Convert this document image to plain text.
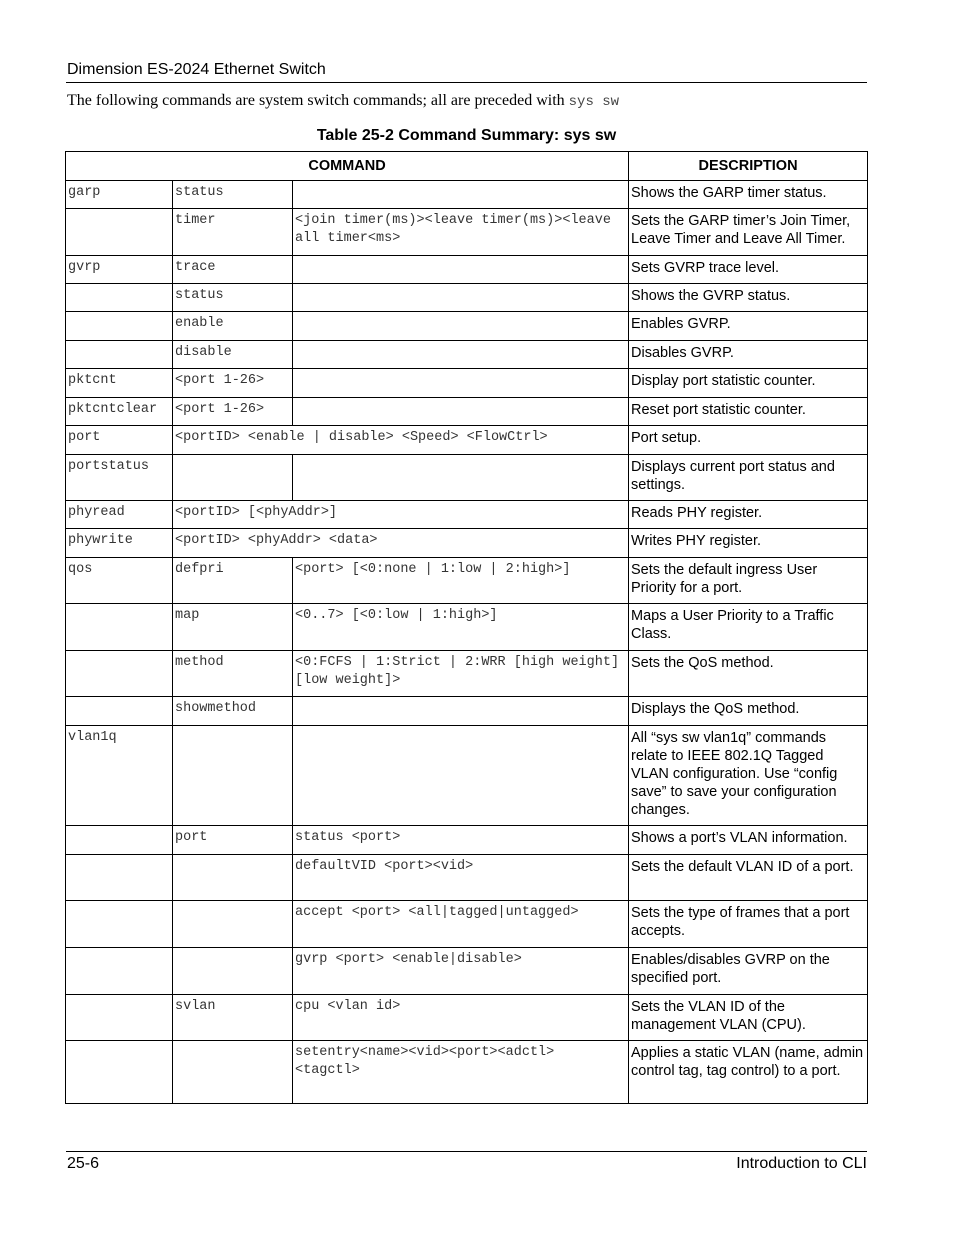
Dimension ES-2024 Ethernet Switch
The following commands are system switch commands; all are preceded with sys sw
Table 25-2 Command Summary: sys sw
COMMAND			DESCRIPTION
garp	status		Shows the GARP timer status.
	timer	<join timer(ms)><leave timer(ms)><leave all timer<ms>	Sets the GARP timer’s Join Timer, Leave Timer and Leave All Timer.
gvrp	trace		Sets GVRP trace level.
	status		Shows the GVRP status.
	enable		Enables GVRP.
	disable		Disables GVRP.
pktcnt	<port 1-26>		Display port statistic counter.
pktcntclear	<port 1-26>		Reset port statistic counter.
port	<portID> <enable | disable> <Speed> <FlowCtrl>		Port setup.
portstatus			Displays current port status and settings.
phyread	<portID> [<phyAddr>]		Reads PHY register.
phywrite	<portID> <phyAddr> <data>		Writes PHY register.
qos	defpri	<port> [<0:none | 1:low | 2:high>]	Sets the default ingress User Priority for a port.
	map	<0..7> [<0:low | 1:high>]	Maps a User Priority to a Traffic Class.
	method	<0:FCFS | 1:Strict | 2:WRR [high weight] [low weight]>	Sets the QoS method.
	showmethod		Displays the QoS method.
vlan1q			All “sys sw vlan1q” commands relate to IEEE 802.1Q Tagged VLAN configuration. Use “config save” to save your configuration changes.
	port	status <port>	Shows a port’s VLAN information.
		defaultVID <port><vid>	Sets the default VLAN ID of a port.
		accept <port> <all|tagged|untagged>	Sets the type of frames that a port accepts.
		gvrp <port> <enable|disable>	Enables/disables GVRP on the specified port.
	svlan	cpu <vlan id>	Sets the VLAN ID of the management VLAN (CPU).
		setentry<name><vid><port><adctl> <tagctl>	Applies a static VLAN (name, admin control tag, tag control) to a port.
25-6	Introduction to CLI
